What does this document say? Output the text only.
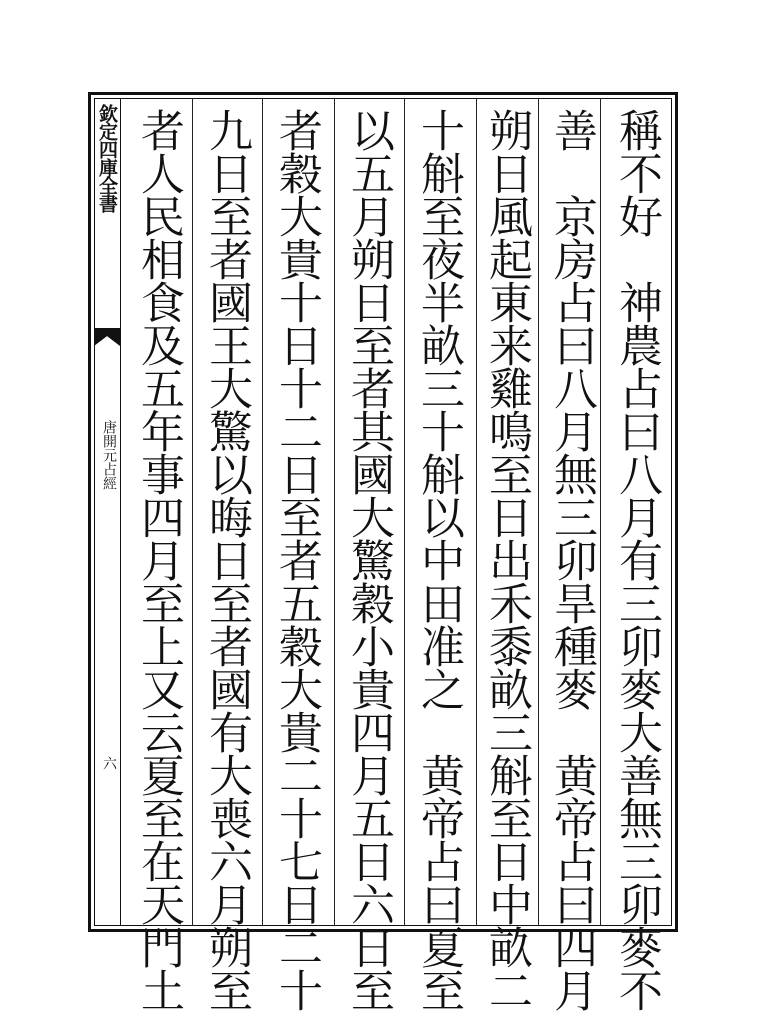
欽定四庫全書
唐開元占經
六	稱不好　神農占曰八月有三卯麥大善無三卯麥不
善　京房占曰八月無三卯旱種麥　黄帝占曰四月
朔日風起東来雞鳴至日出禾黍畝三斛至日中畝二
十斛至夜半畝三十斛以中田准之　黄帝占曰夏至
以五月朔日至者其國大驚穀小貴四月五日六日至
者穀大貴十日十二日至者五穀大貴二十七日二十
九日至者國王大驚以晦日至者國有大喪六月朔至
者人民相食及五年事四月至上又云夏至在天門土
